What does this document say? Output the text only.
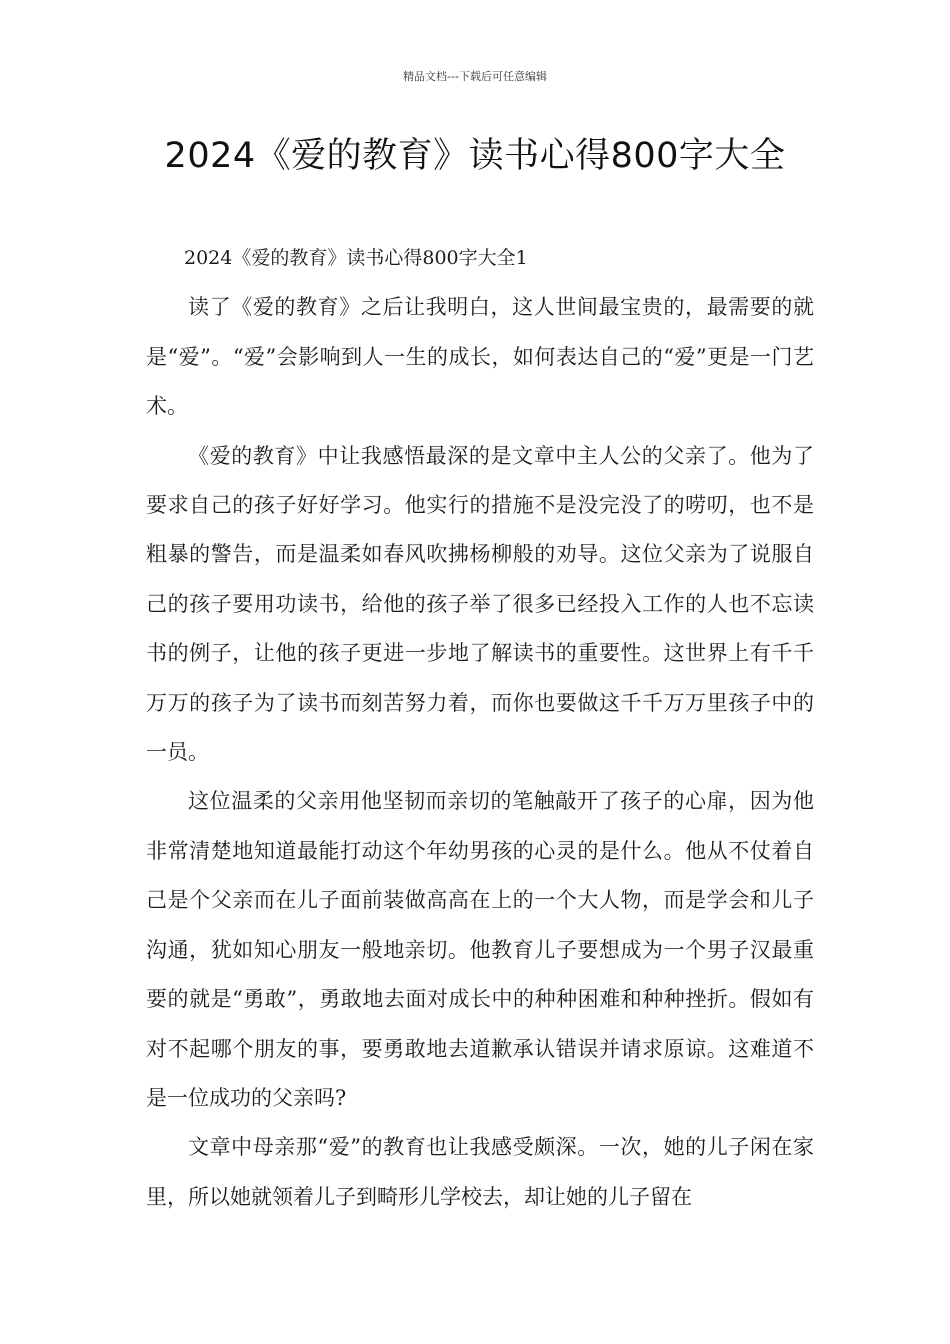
精品文档---下载后可任意编辑
2024《爱的教育》读书心得800字大全

2024《爱的教育》读书心得800字大全1

读了《爱的教育》之后让我明白，这人世间最宝贵的，最需要的就是“爱”。“爱”会影响到人一生的成长，如何表达自己的“爱”更是一门艺术。

《爱的教育》中让我感悟最深的是文章中主人公的父亲了。他为了要求自己的孩子好好学习。他实行的措施不是没完没了的唠叨，也不是粗暴的警告，而是温柔如春风吹拂杨柳般的劝导。这位父亲为了说服自己的孩子要用功读书，给他的孩子举了很多已经投入工作的人也不忘读书的例子，让他的孩子更进一步地了解读书的重要性。这世界上有千千万万的孩子为了读书而刻苦努力着，而你也要做这千千万万里孩子中的一员。

这位温柔的父亲用他坚韧而亲切的笔触敲开了孩子的心扉，因为他非常清楚地知道最能打动这个年幼男孩的心灵的是什么。他从不仗着自己是个父亲而在儿子面前装做高高在上的一个大人物，而是学会和儿子沟通，犹如知心朋友一般地亲切。他教育儿子要想成为一个男子汉最重要的就是“勇敢”，勇敢地去面对成长中的种种困难和种种挫折。假如有对不起哪个朋友的事，要勇敢地去道歉承认错误并请求原谅。这难道不是一位成功的父亲吗?

文章中母亲那“爱”的教育也让我感受颇深。一次，她的儿子闲在家里，所以她就领着儿子到畸形儿学校去，却让她的儿子留在
